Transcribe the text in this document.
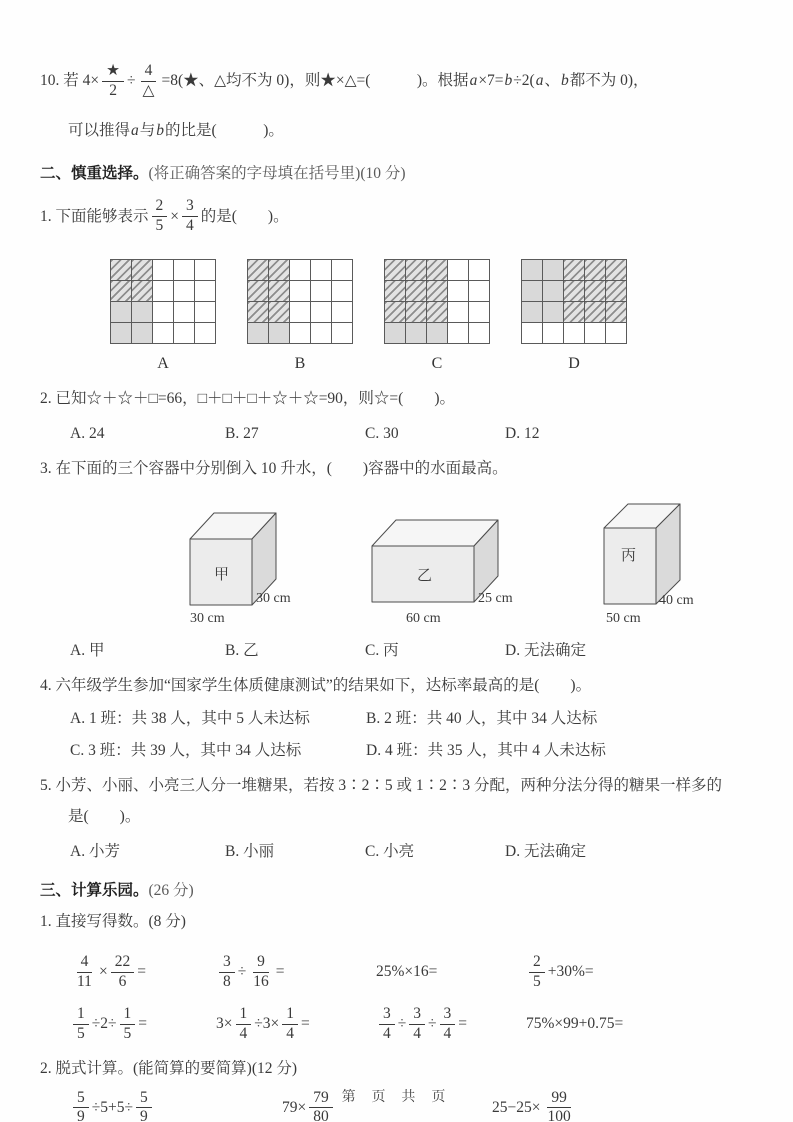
10. 若 $4\times \frac{★}{2} \div \frac{4}{\triangle}$ =8(★、△均不为 0)，则★×△=(　　　)。根据 a ×7= b ÷2( a 、 b 都不为 0)，
可以推得 a 与 b 的比是(　　　)。
二、慎重选择。(将正确答案的字母填在括号里)(10 分)
1. 下面能够表示 $\frac{2}{5} \times \frac{3}{4}$ 的是(　　)。
A	B	C	D
2. 已知☆＋☆＋□=66，□＋□＋□＋☆＋☆=90，则☆=(　　)。
A. 24	B. 27	C. 30	D. 12
3. 在下面的三个容器中分别倒入 10 升水，(　　)容器中的水面最高。
甲
30 cm
30 cm
乙
25 cm
60 cm
丙
40 cm
50 cm
A. 甲	B. 乙	C. 丙	D. 无法确定
4. 六年级学生参加“国家学生体质健康测试”的结果如下，达标率最高的是(　　)。
A. 1 班：共 38 人，其中 5 人未达标	B. 2 班：共 40 人，其中 34 人达标
C. 3 班：共 39 人，其中 34 人达标	D. 4 班：共 35 人，其中 4 人未达标
5. 小芳、小丽、小亮三人分一堆糖果，若按 3∶2∶5 或 1∶2∶3 分配，两种分法分得的糖果一样多的
是(　　)。
A. 小芳	B. 小丽	C. 小亮	D. 无法确定
三、计算乐园。(26 分)
1. 直接写得数。(8 分)
$\frac{4}{11} \times \frac{22}{6}$ =	$\frac{3}{8} \div \frac{9}{16}$ =	25%×16=	$\frac{2}{5} +30\%=$
$\frac{1}{5} \div 2\div \frac{1}{5}$ =	$3\times \frac{1}{4} \div 3\times \frac{1}{4}$ =	$\frac{3}{4} \div \frac{3}{4} \div \frac{3}{4}$ =	75%×99+0.75=
2. 脱式计算。(能简算的要简算)(12 分)
$\frac{5}{9} \div 5+5\div \frac{5}{9}$	$79\times \frac{79}{80}$	$25-25\times \frac{99}{100}$
第 页 共 页
